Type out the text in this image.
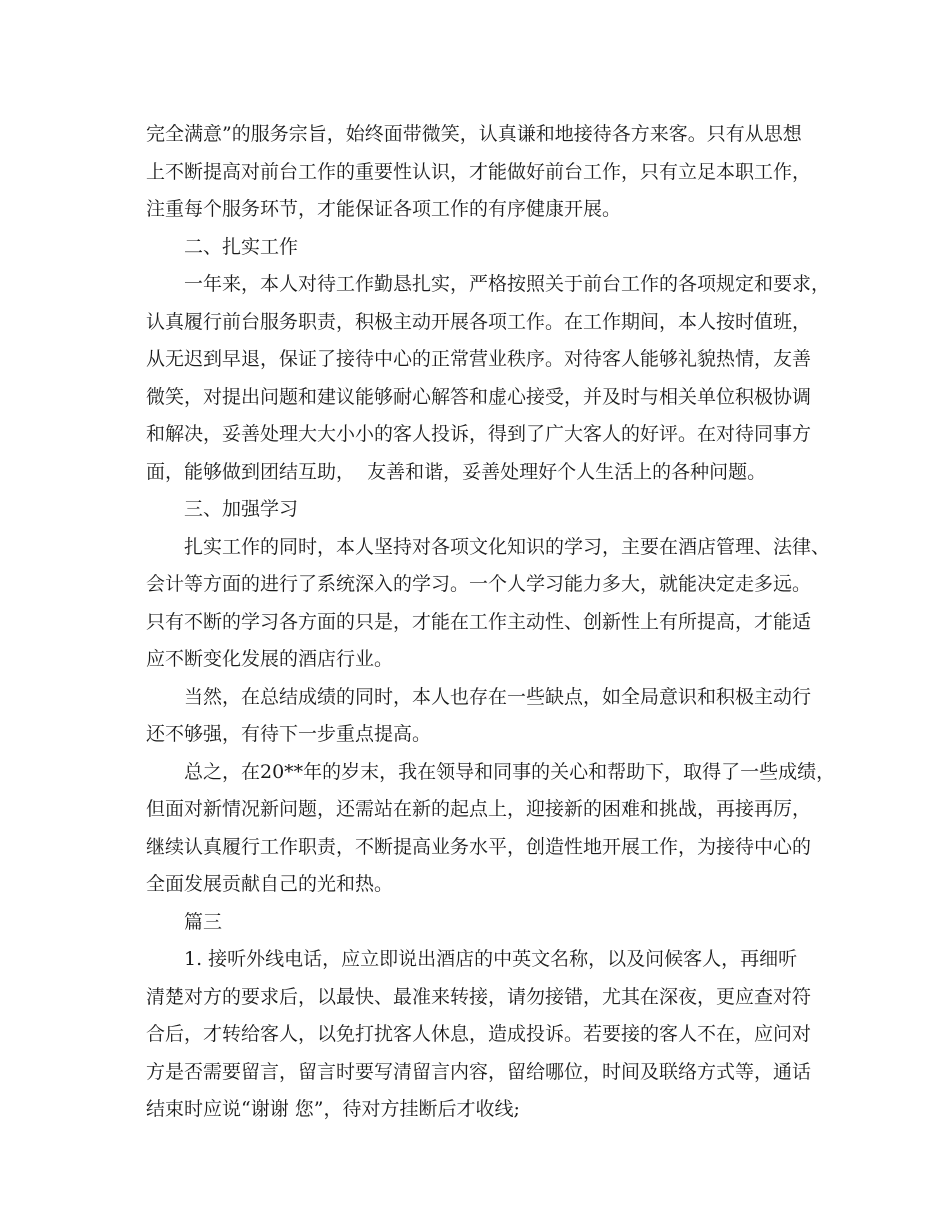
完全满意”的服务宗旨，始终面带微笑，认真谦和地接待各方来客。只有从思想
上不断提高对前台工作的重要性认识，才能做好前台工作，只有立足本职工作，
注重每个服务环节，才能保证各项工作的有序健康开展。
二、扎实工作
一年来，本人对待工作勤恳扎实，严格按照关于前台工作的各项规定和要求，
认真履行前台服务职责，积极主动开展各项工作。在工作期间，本人按时值班，
从无迟到早退，保证了接待中心的正常营业秩序。对待客人能够礼貌热情，友善
微笑，对提出问题和建议能够耐心解答和虚心接受，并及时与相关单位积极协调
和解决，妥善处理大大小小的客人投诉，得到了广大客人的好评。在对待同事方
面，能够做到团结互助，  友善和谐，妥善处理好个人生活上的各种问题。
三、加强学习
扎实工作的同时，本人坚持对各项文化知识的学习，主要在酒店管理、法律、
会计等方面的进行了系统深入的学习。一个人学习能力多大，就能决定走多远。
只有不断的学习各方面的只是，才能在工作主动性、创新性上有所提高，才能适
应不断变化发展的酒店行业。
当然，在总结成绩的同时，本人也存在一些缺点，如全局意识和积极主动行
还不够强，有待下一步重点提高。
总之，在20**年的岁末，我在领导和同事的关心和帮助下，取得了一些成绩，
但面对新情况新问题，还需站在新的起点上，迎接新的困难和挑战，再接再厉，
继续认真履行工作职责，不断提高业务水平，创造性地开展工作，为接待中心的
全面发展贡献自己的光和热。
篇三
1. 接听外线电话，应立即说出酒店的中英文名称，以及问候客人，再细听
清楚对方的要求后，以最快、最准来转接，请勿接错，尤其在深夜，更应查对符
合后，才转给客人，以免打扰客人休息，造成投诉。若要接的客人不在，应问对
方是否需要留言，留言时要写清留言内容，留给哪位，时间及联络方式等，通话
结束时应说“谢谢 您”，待对方挂断后才收线;
